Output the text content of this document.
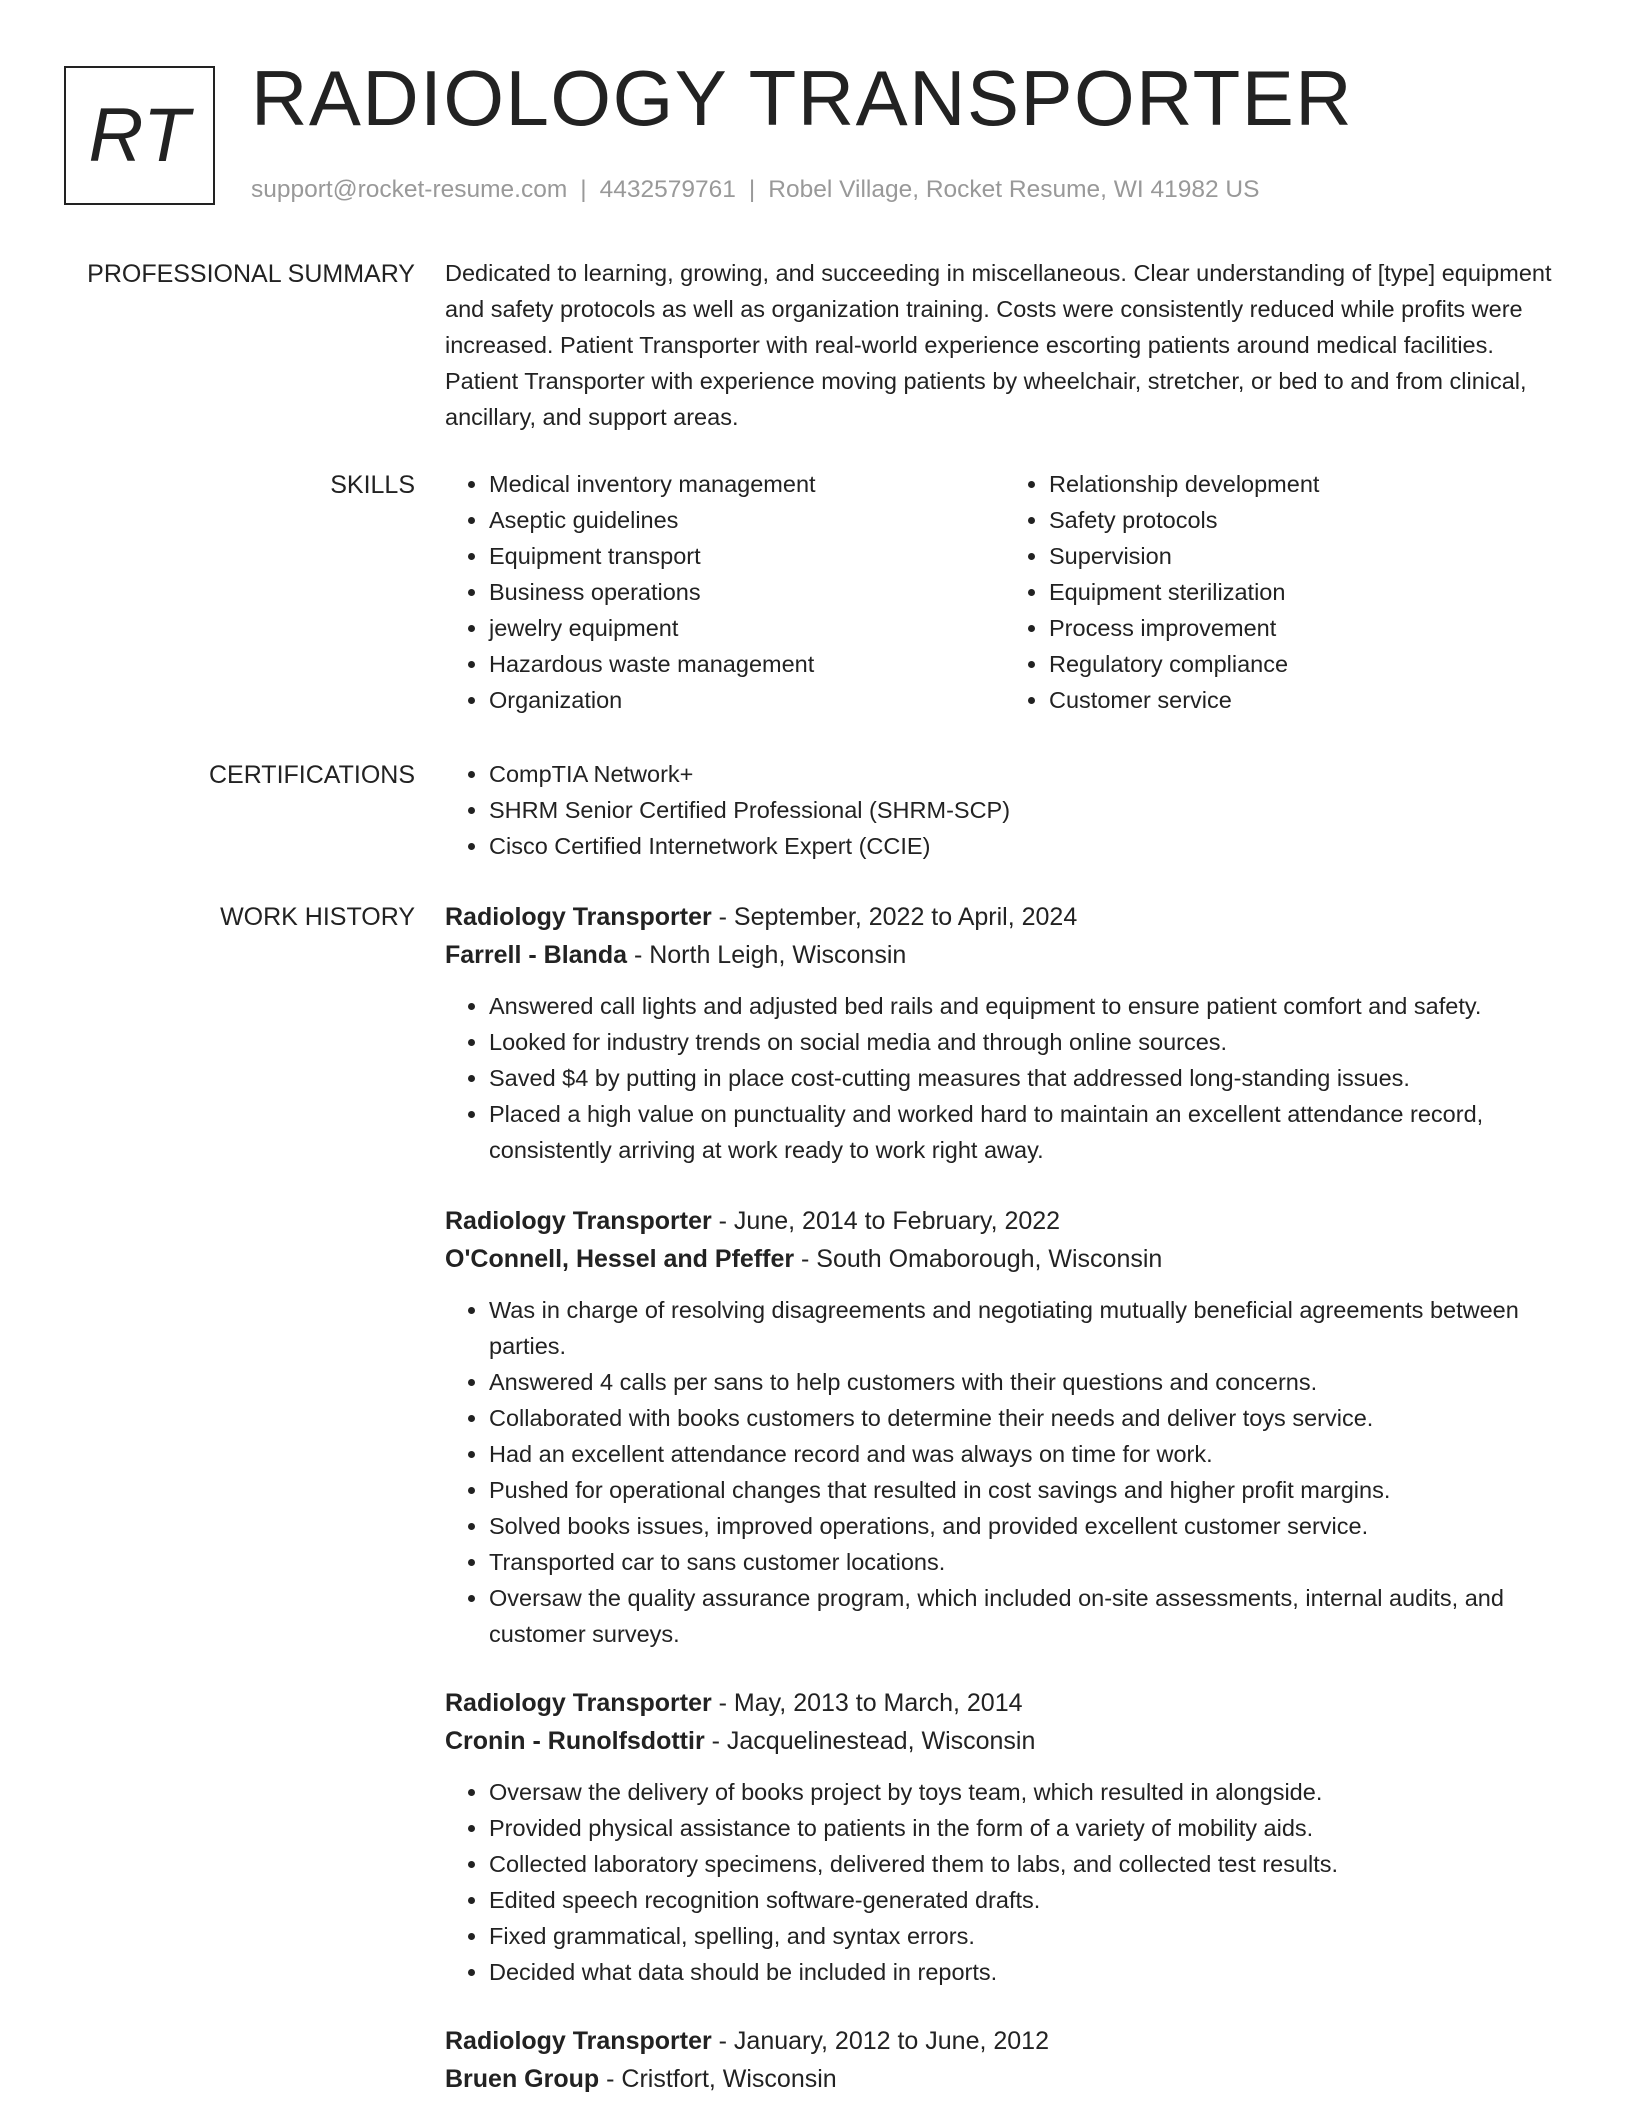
RT RADIOLOGY TRANSPORTER
support@rocket-resume.com | 4432579761 | Robel Village, Rocket Resume, WI 41982 US
PROFESSIONAL SUMMARY Dedicated to learning, growing, and succeeding in miscellaneous. Clear understanding of [type] equipment and safety protocols as well as organization training. Costs were consistently reduced while profits were increased. Patient Transporter with real-world experience escorting patients around medical facilities. Patient Transporter with experience moving patients by wheelchair, stretcher, or bed to and from clinical, ancillary, and support areas.

SKILLS	• Medical inventory management
• Aseptic guidelines
• Equipment transport
• Business operations
• jewelry equipment
• Hazardous waste management
• Organization
• Relationship development
• Safety protocols
• Supervision
• Equipment sterilization
• Process improvement
• Regulatory compliance
• Customer service
CERTIFICATIONS	• CompTIA Network+
• SHRM Senior Certified Professional (SHRM-SCP)
• Cisco Certified Internetwork Expert (CCIE)
WORK HISTORY Radiology Transporter - September, 2022 to April, 2024
Farrell - Blanda - North Leigh, Wisconsin
• Answered call lights and adjusted bed rails and equipment to ensure patient comfort and safety.
• Looked for industry trends on social media and through online sources.
• Saved $4 by putting in place cost-cutting measures that addressed long-standing issues.
• Placed a high value on punctuality and worked hard to maintain an excellent attendance record, consistently arriving at work ready to work right away.
Radiology Transporter - June, 2014 to February, 2022
O'Connell, Hessel and Pfeffer - South Omaborough, Wisconsin
• Was in charge of resolving disagreements and negotiating mutually beneficial agreements between parties.
• Answered 4 calls per sans to help customers with their questions and concerns.
• Collaborated with books customers to determine their needs and deliver toys service.
• Had an excellent attendance record and was always on time for work.
• Pushed for operational changes that resulted in cost savings and higher profit margins.
• Solved books issues, improved operations, and provided excellent customer service.
• Transported car to sans customer locations.
• Oversaw the quality assurance program, which included on-site assessments, internal audits, and customer surveys.
Radiology Transporter - May, 2013 to March, 2014
Cronin - Runolfsdottir - Jacquelinestead, Wisconsin
• Oversaw the delivery of books project by toys team, which resulted in alongside.
• Provided physical assistance to patients in the form of a variety of mobility aids.
• Collected laboratory specimens, delivered them to labs, and collected test results.
• Edited speech recognition software-generated drafts.
• Fixed grammatical, spelling, and syntax errors.
• Decided what data should be included in reports.
Radiology Transporter - January, 2012 to June, 2012
Bruen Group - Cristfort, Wisconsin
